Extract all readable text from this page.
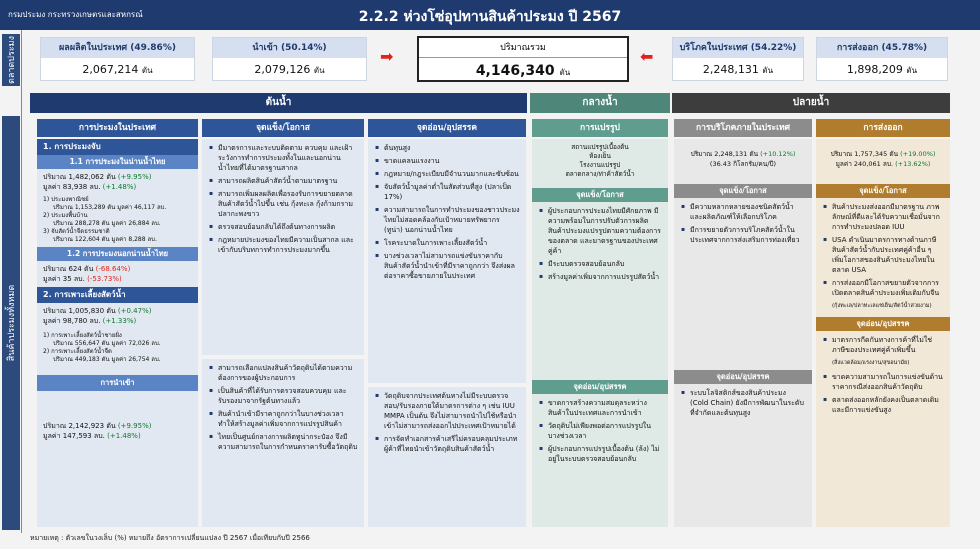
กรมประมง กระทรวงเกษตรและสหกรณ์	2.2.2 ห่วงโซ่อุปทานสินค้าประมง ปี 2567
ตลาดประมง
สินค้าประมงทั้งหมด
ผลผลิตในประเทศ (49.86%)
2,067,214 ตัน
นำเข้า (50.14%)
2,079,126 ตัน
➡	ปริมาณรวม
4,146,340 ตัน
⬅	บริโภคในประเทศ (54.22%)
2,248,131 ตัน
การส่งออก (45.78%)
1,898,209 ตัน
ต้นน้ำ	กลางน้ำ	ปลายน้ำ
การประมงในประเทศ	จุดแข็ง/โอกาส	จุดอ่อน/อุปสรรค	การแปรรูป	การบริโภคภายในประเทศ	การส่งออก
1. การประมงจับ
1.1 การประมงในน่านน้ำไทย
ปริมาณ 1,482,062 ตัน (+9.95%)
มูลค่า 83,938 ลบ. (+1.48%)
1) ประมงพาณิชย์
ปริมาณ 1,153,289 ตัน มูลค่า 46,117 ลบ.
2) ประมงพื้นบ้าน
ปริมาณ 288,278 ตัน มูลค่า 26,884 ลบ.
3) จับสัตว์น้ำจืดธรรมชาติ
ปริมาณ 122,604 ตัน มูลค่า 8,288 ลบ.
1.2 การประมงนอกน่านน้ำไทย
ปริมาณ 624 ตัน (-68.64%)
มูลค่า 35 ลบ. (-53.73%)
2. การเพาะเลี้ยงสัตว์น้ำ
ปริมาณ 1,005,830 ตัน (+0.47%)
มูลค่า 98,780 ลบ. (+1.33%)
1) การเพาะเลี้ยงสัตว์น้ำชายฝั่ง
ปริมาณ 556,647 ตัน มูลค่า 72,026 ลบ.
2) การเพาะเลี้ยงสัตว์น้ำจืด
ปริมาณ 449,183 ตัน มูลค่า 26,754 ลบ.
การนำเข้า
ปริมาณ 2,142,923 ตัน (+9.95%)
มูลค่า 147,593 ลบ. (+1.48%)
▪ มีมาตรการและระบบติดตาม ควบคุม และเฝ้าระวังการทำการประมงทั้งในและนอกน่านน้ำไทยที่ได้มาตรฐานสากล
▪ สามารถผลิตสินค้าสัตว์น้ำตามมาตรฐาน
▪ สามารถเพิ่มผลผลิตเพื่อรองรับการขยายตลาดสินค้าสัตว์น้ำไปขึ้น เช่น กุ้งทะเล กุ้งก้ามกราม ปลากะพงขาว
▪ ตรวจสอบย้อนกลับได้ถึงต้นทางการผลิต
▪ กฎหมายประมงของไทยมีความเป็นสากล และเข้ากับบริบทการทำการประมงมากขึ้น
▪ สามารถเลือกแปลงสินค้าวัตถุดิบได้ตามความต้องการของผู้ประกอบการ
▪ เป็นสินค้าที่ได้รับการตรวจสอบควบคุม และรับรองมาจากรัฐต้นทางแล้ว
▪ สินค้านำเข้ามีราคาถูกกว่าในบางช่วงเวลาทำให้สร้างมูลค่าเพิ่มจากการแปรรูปสินค้า
▪ ไทยเป็นศูนย์กลางการผลิตทูน่ากระป๋อง จึงมีความสามารถในการกำหนดราคารับซื้อวัตถุดิบ
▪ ต้นทุนสูง
▪ ขาดแคลนแรงงาน
▪ กฎหมาย/กฎระเบียบมีจำนวนมากและซับซ้อน
▪ จับสัตว์น้ำมูลค่าต่ำในสัดส่วนที่สูง (ปลาเป็ด 17%)
▪ ความสามารถในการทำประมงของชาวประมงไทยไม่สอดคล้องกับเป้าหมายทรัพยากร (ทูน่า) นอกน่านน้ำไทย
▪ โรคระบาดในการเพาะเลี้ยงสัตว์น้ำ
▪ บางช่วงเวลาไม่สามารถแข่งขันราคากับสินค้าสัตว์น้ำนำเข้าที่มีราคาถูกกว่า จึงส่งผลต่อราคาซื้อขายภายในประเทศ
▪ วัตถุดิบจากประเทศต้นทางไม่มีระบบตรวจสอบ/รับรองภายใต้มาตรการต่าง ๆ เช่น IUU MMPA เป็นต้น จึงไม่สามารถนำไปใช้หรือนำเข้าไม่สามารถส่งออกไปประเทศเป้าหมายได้
▪ การจัดทำเอกสารค้าเสรีไม่ครอบคลุมประเภทผู้ค้าที่ไทยนำเข้าวัตถุดิบสินค้าสัตว์น้ำ
สถานแปรรูปเบื้องต้น
ห้องเย็น
โรงงานแปรรูป
ตลาดกลาง/ท่าค้าสัตว์น้ำ
จุดแข็ง/โอกาส
▪ ผู้ประกอบการประมงไทยมีศักยภาพ มีความพร้อมในการปรับตัวการผลิตสินค้าประมงแปรรูปตามความต้องการของตลาด และมาตรฐานของประเทศคู่ค้า
▪ มีระบบตรวจสอบย้อนกลับ
▪ สร้างมูลค่าเพิ่มจากการแปรรูปสัตว์น้ำ
จุดอ่อน/อุปสรรค
▪ ขาดการสร้างความสมดุลระหว่างสินค้าในประเทศและการนำเข้า
▪ วัตถุดิบไม่เพียงพอต่อการแปรรูปในบางช่วงเวลา
▪ ผู้ประกอบการแปรรูปเบื้องต้น (ล้ง) ไม่อยู่ในระบบตรวจสอบย้อนกลับ
ปริมาณ 2,248,131 ตัน (+10.12%)
(36.43 กิโลกรัม/คน/ปี)
จุดแข็ง/โอกาส
▪ มีความหลากหลายของชนิดสัตว์น้ำและผลิตภัณฑ์ให้เลือกบริโภค
▪ มีการขยายตัวการบริโภคสัตว์น้ำในประเทศจากการส่งเสริมการท่องเที่ยว
จุดอ่อน/อุปสรรค
▪ ระบบโลจิสติกส์ของสินค้าประมง (Cold Chain) ยังมีการพัฒนาในระดับที่จำกัดและต้นทุนสูง
ปริมาณ 1,757,345 ตัน (+19.00%)
มูลค่า 240,061 ลบ. (+13.62%)
จุดแข็ง/โอกาส
▪ สินค้าประมงส่งออกมีมาตรฐาน ภาพลักษณ์ที่ดีและได้รับความเชื่อมั่นจากการทำประมงปลอด IUU
▪ USA ดำเนินมาตรการทางด้านภาษีสินค้าสัตว์น้ำกับประเทศคู่ค้าอื่น ๆ เพิ่มโอกาสของสินค้าประมงไทยในตลาด USA
▪ การส่งออกมีโอกาสขยายตัวจากการเปิดตลาดสินค้าประมงเพิ่มเติมกับจีน
(กุ้งทะเล/ปลาทะเลแช่เย็น/สัตว์น้ำสวยงาม)
จุดอ่อน/อุปสรรค
▪ มาตรการกีดกันทางการค้าที่ไม่ใช่ภาษีของประเทศคู่ค้าเพิ่มขึ้น
(สิ่งแวดล้อม/แรงงาน/สุขอนามัย)
▪ ขาดความสามารถในการแข่งขันด้านราคากรณีส่งออกสินค้าวัตถุดิบ
▪ ตลาดส่งออกหลักยังคงเป็นตลาดเดิมและมีการแข่งขันสูง
หมายเหตุ : ตัวเลขในวงเล็บ (%) หมายถึง อัตราการเปลี่ยนแปลง ปี 2567 เมื่อเทียบกับปี 2566
